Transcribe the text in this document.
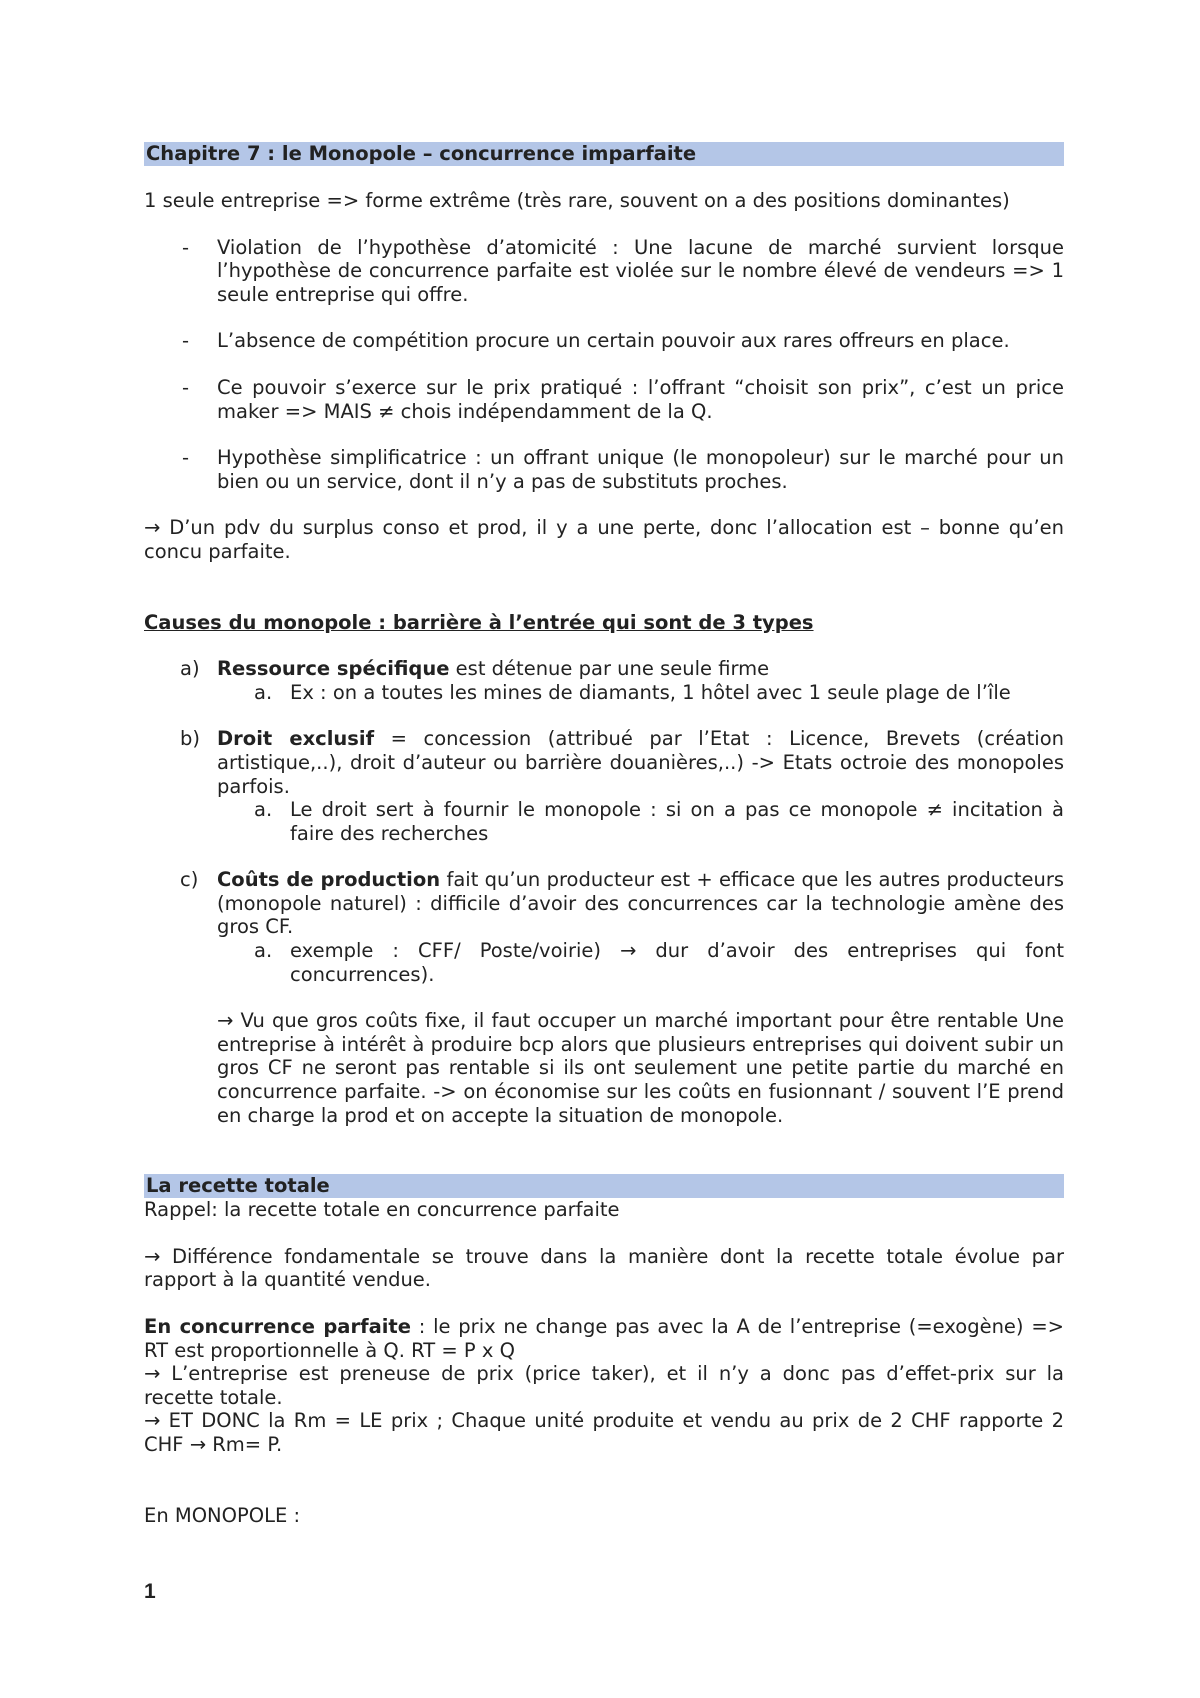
Chapitre 7 : le Monopole – concurrence imparfaite

1 seule entreprise => forme extrême (très rare, souvent on a des positions dominantes)

- Violation de l’hypothèse d’atomicité : Une lacune de marché survient lorsque l’hypothèse de concurrence parfaite est violée sur le nombre élevé de vendeurs => 1 seule entreprise qui offre.
- L’absence de compétition procure un certain pouvoir aux rares offreurs en place.
- Ce pouvoir s’exerce sur le prix pratiqué : l’offrant “choisit son prix”, c’est un price maker => MAIS ≠ chois indépendamment de la Q.
- Hypothèse simplificatrice : un offrant unique (le monopoleur) sur le marché pour un bien ou un service, dont il n’y a pas de substituts proches.

→ D’un pdv du surplus conso et prod, il y a une perte, donc l’allocation est – bonne qu’en concu parfaite.

Causes du monopole : barrière à l’entrée qui sont de 3 types

a) Ressource spécifique est détenue par une seule firme
a. Ex : on a toutes les mines de diamants, 1 hôtel avec 1 seule plage de l’île
b) Droit exclusif = concession (attribué par l’Etat : Licence, Brevets (création artistique,..), droit d’auteur ou barrière douanières,..) -> Etats octroie des monopoles parfois.
a. Le droit sert à fournir le monopole : si on a pas ce monopole ≠ incitation à faire des recherches
c) Coûts de production fait qu’un producteur est + efficace que les autres producteurs (monopole naturel) : difficile d’avoir des concurrences car la technologie amène des gros CF.
a. exemple : CFF/ Poste/voirie) → dur d’avoir des entreprises qui font concurrences).

→ Vu que gros coûts fixe, il faut occuper un marché important pour être rentable Une entreprise à intérêt à produire bcp alors que plusieurs entreprises qui doivent subir un gros CF ne seront pas rentable si ils ont seulement une petite partie du marché en concurrence parfaite. -> on économise sur les coûts en fusionnant / souvent l’E prend en charge la prod et on accepte la situation de monopole.

La recette totale

Rappel: la recette totale en concurrence parfaite

→ Différence fondamentale se trouve dans la manière dont la recette totale évolue par rapport à la quantité vendue.

En concurrence parfaite : le prix ne change pas avec la A de l’entreprise (=exogène) => RT est proportionnelle à Q. RT = P x Q

→ L’entreprise est preneuse de prix (price taker), et il n’y a donc pas d’effet-prix sur la recette totale.

→ ET DONC la Rm = LE prix ; Chaque unité produite et vendu au prix de 2 CHF rapporte 2 CHF → Rm= P.

En MONOPOLE :

1
